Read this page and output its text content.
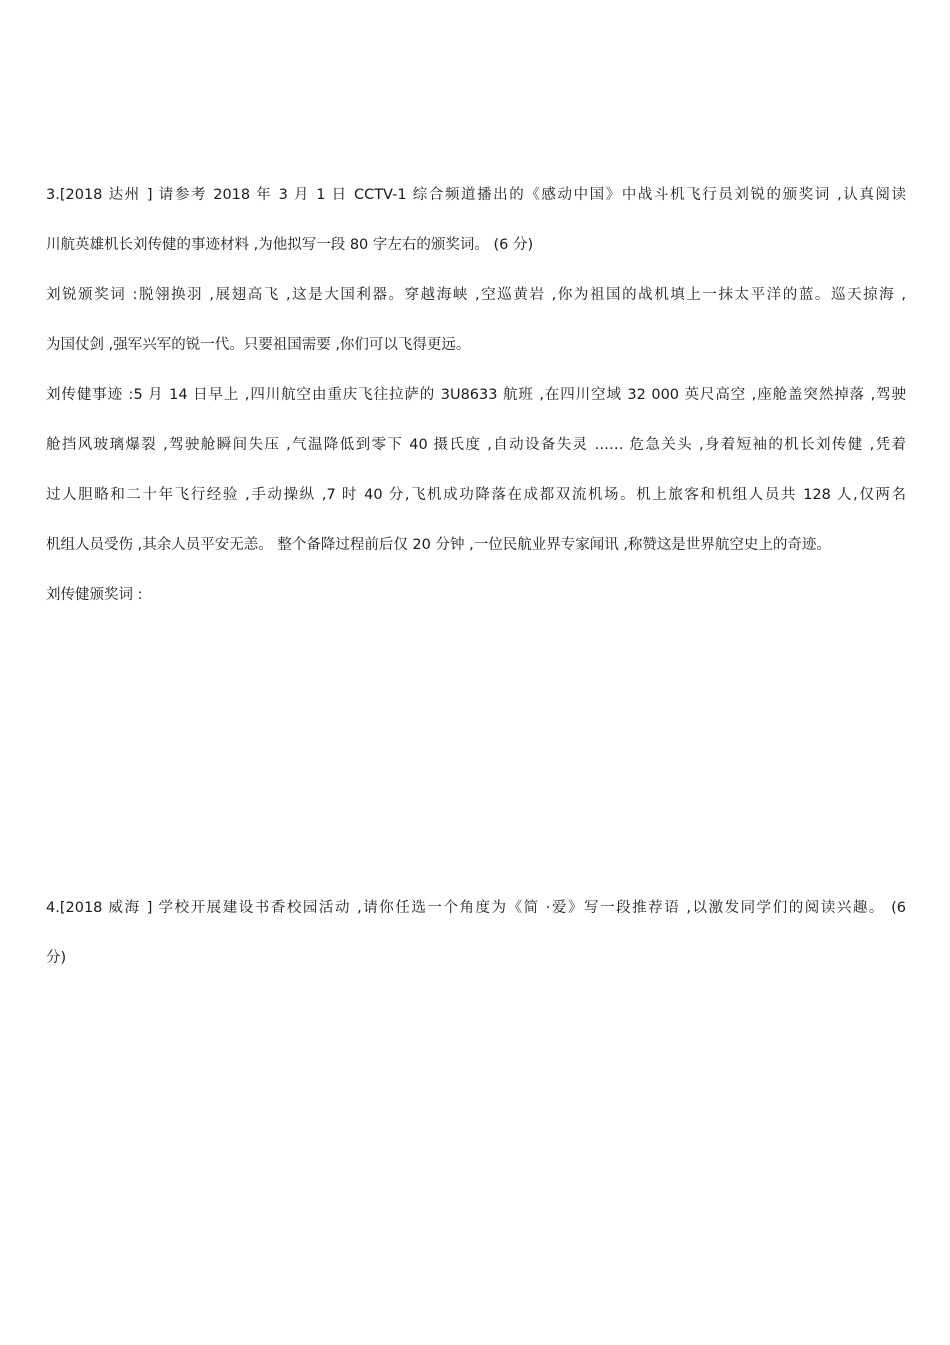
3.[2018 达州 ] 请参考 2018 年 3 月 1 日 CCTV-1 综合频道播出的《感动中国》中战斗机飞行员刘锐的颁奖词 ,认真阅读
川航英雄机长刘传健的事迹材料 ,为他拟写一段 80 字左右的颁奖词。 (6 分)
刘锐颁奖词 :脱翎换羽 ,展翅高飞 ,这是大国利器。穿越海峡 ,空巡黄岩 ,你为祖国的战机填上一抹太平洋的蓝。巡天掠海 ,
为国仗剑 ,强军兴军的锐一代。只要祖国需要 ,你们可以飞得更远。
刘传健事迹 :5 月 14 日早上 ,四川航空由重庆飞往拉萨的 3U8633 航班 ,在四川空域 32 000 英尺高空 ,座舱盖突然掉落 ,驾驶
舱挡风玻璃爆裂 ,驾驶舱瞬间失压 ,气温降低到零下 40 摄氏度 ,自动设备失灵 …… 危急关头 ,身着短袖的机长刘传健 ,凭着
过人胆略和二十年飞行经验 ,手动操纵 ,7 时 40 分,飞机成功降落在成都双流机场。机上旅客和机组人员共 128 人,仅两名
机组人员受伤 ,其余人员平安无恙。 整个备降过程前后仅 20 分钟 ,一位民航业界专家闻讯 ,称赞这是世界航空史上的奇迹。
刘传健颁奖词 :
4.[2018 威海 ] 学校开展建设书香校园活动 ,请你任选一个角度为《简 ·爱》写一段推荐语 ,以激发同学们的阅读兴趣。 (6
分)
